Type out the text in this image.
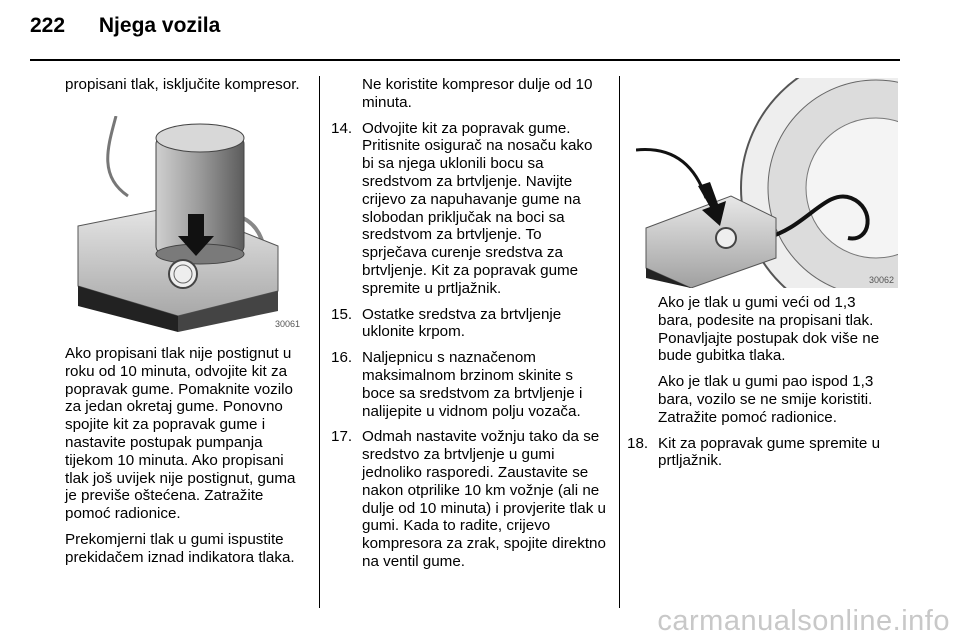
222 Njega vozila

propisani tlak, isključite kompresor.

30061

Ako propisani tlak nije postignut u roku od 10 minuta, odvojite kit za popravak gume. Pomaknite vozilo za jedan okretaj gume. Ponovno spojite kit za popravak gume i nastavite postupak pumpanja tijekom 10 minuta. Ako propisani tlak još uvijek nije postignut, guma je previše oštećena. Zatražite pomoć radionice.

Prekomjerni tlak u gumi ispustite prekidačem iznad indikatora tlaka.

Ne koristite kompresor dulje od 10 minuta.

14. Odvojite kit za popravak gume. Pritisnite osigurač na nosaču kako bi sa njega uklonili bocu sa sredstvom za brtvljenje. Navijte crijevo za napuhavanje gume na slobodan priključak na boci sa sredstvom za brtvljenje. To sprječava curenje sredstva za brtvljenje. Kit za popravak gume spremite u prtljažnik.
15. Ostatke sredstva za brtvljenje uklonite krpom.
16. Naljepnicu s naznačenom maksimalnom brzinom skinite s boce sa sredstvom za brtvljenje i nalijepite u vidnom polju vozača.
17. Odmah nastavite vožnju tako da se sredstvo za brtvljenje u gumi jednoliko rasporedi. Zaustavite se nakon otprilike 10 km vožnje (ali ne dulje od 10 minuta) i provjerite tlak u gumi. Kada to radite, crijevo kompresora za zrak, spojite direktno na ventil gume.
30062

Ako je tlak u gumi veći od 1,3 bara, podesite na propisani tlak. Ponavljajte postupak dok više ne bude gubitka tlaka.

Ako je tlak u gumi pao ispod 1,3 bara, vozilo se ne smije koristiti. Zatražite pomoć radionice.

18. Kit za popravak gume spremite u prtljažnik.
carmanualsonline.info
